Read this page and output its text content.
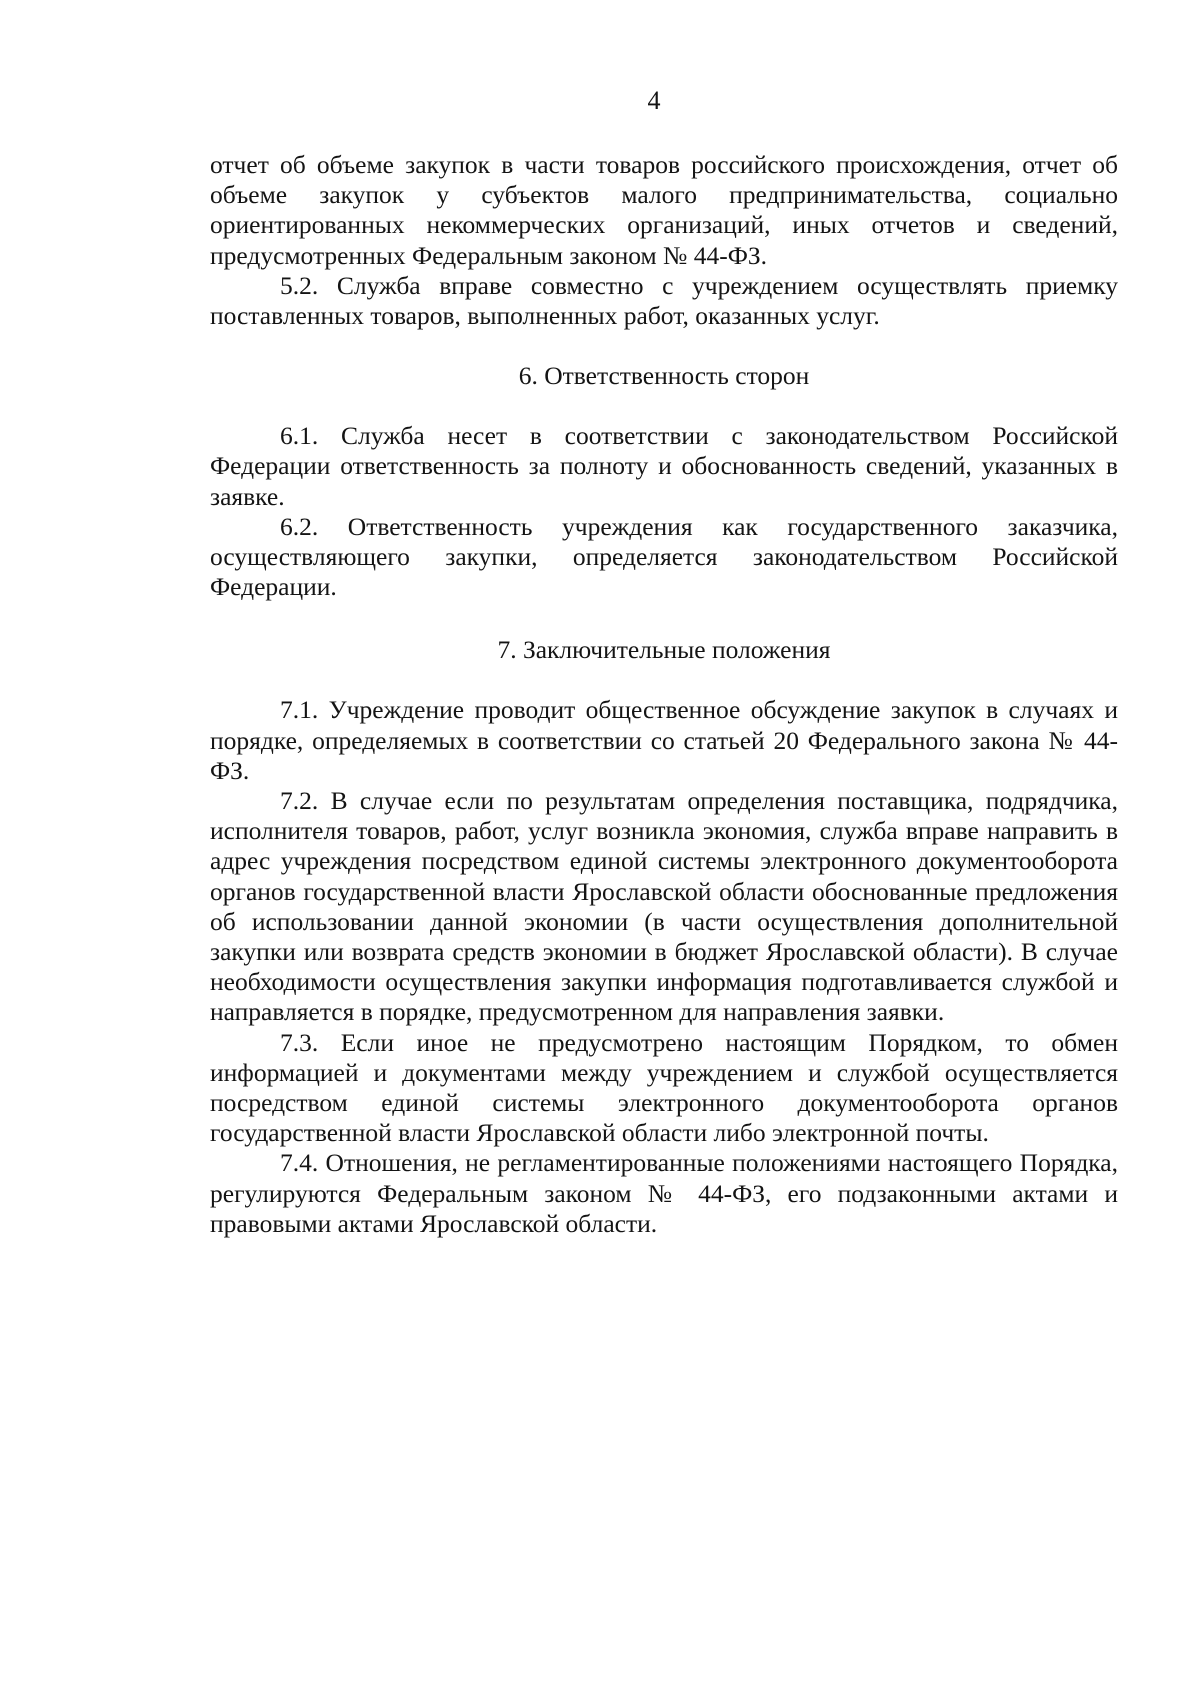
4

отчет об объеме закупок в части товаров российского происхождения, отчет об объеме закупок у субъектов малого предпринимательства, социально ориентированных некоммерческих организаций, иных отчетов и сведений, предусмотренных Федеральным законом № 44-ФЗ.

5.2. Служба вправе совместно с учреждением осуществлять приемку поставленных товаров, выполненных работ, оказанных услуг.

6. Ответственность сторон

6.1. Служба несет в соответствии с законодательством Российской Федерации ответственность за полноту и обоснованность сведений, указанных в заявке.

6.2. Ответственность учреждения как государственного заказчика, осуществляющего закупки, определяется законодательством Российской Федерации.

7. Заключительные положения

7.1. Учреждение проводит общественное обсуждение закупок в случаях и порядке, определяемых в соответствии со статьей 20 Федерального закона № 44-ФЗ.

7.2. В случае если по результатам определения поставщика, подрядчика, исполнителя товаров, работ, услуг возникла экономия, служба вправе направить в адрес учреждения посредством единой системы электронного документооборота органов государственной власти Ярославской области обоснованные предложения об использовании данной экономии (в части осуществления дополнительной закупки или возврата средств экономии в бюджет Ярославской области). В случае необходимости осуществления закупки информация подготавливается службой и направляется в порядке, предусмотренном для направления заявки.

7.3. Если иное не предусмотрено настоящим Порядком, то обмен информацией и документами между учреждением и службой осуществляется посредством единой системы электронного документооборота органов государственной власти Ярославской области либо электронной почты.

7.4. Отношения, не регламентированные положениями настоящего Порядка, регулируются Федеральным законом № 44-ФЗ, его подзаконными актами и правовыми актами Ярославской области.
